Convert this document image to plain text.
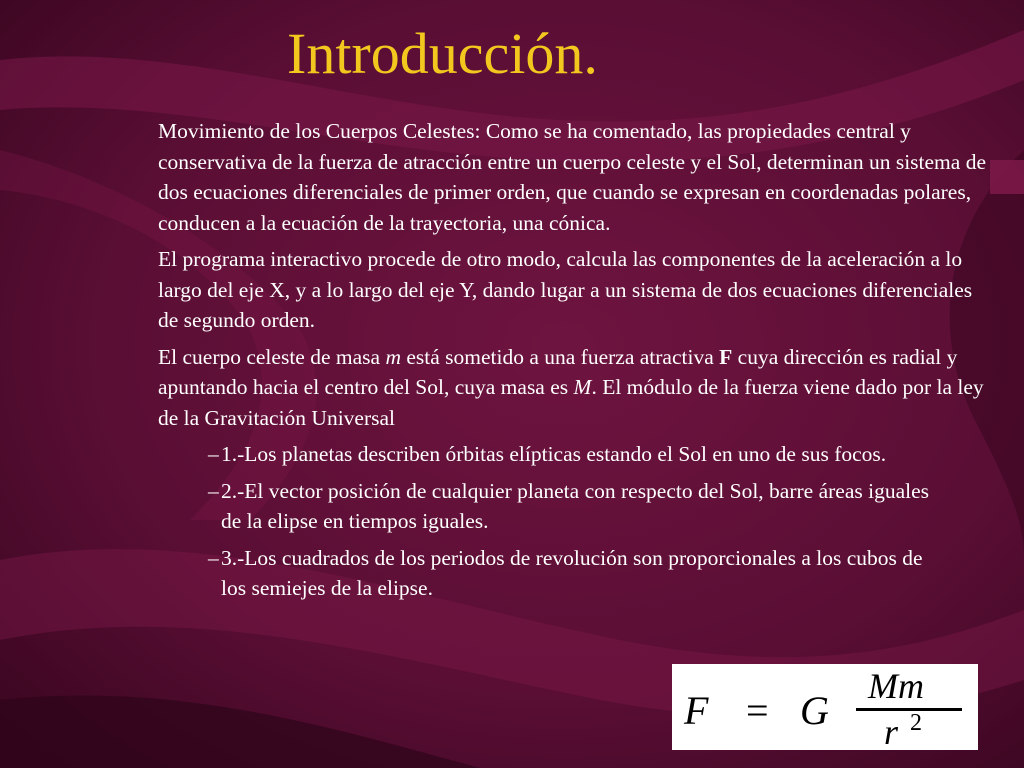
Introducción.

Movimiento de los Cuerpos Celestes: Como se ha comentado, las propiedades central y conservativa de la fuerza de atracción entre un cuerpo celeste y el Sol, determinan un sistema de dos ecuaciones diferenciales de primer orden, que cuando se expresan en coordenadas polares, conducen a la ecuación de la trayectoria, una cónica.

El programa interactivo procede de otro modo, calcula las componentes de la aceleración a lo largo del eje X, y a lo largo del eje Y, dando lugar a un sistema de dos ecuaciones diferenciales de segundo orden.

El cuerpo celeste de masa m está sometido a una fuerza atractiva F cuya dirección es radial y apuntando hacia el centro del Sol, cuya masa es M. El módulo de la fuerza viene dado por la ley de la Gravitación Universal

– 1.-Los planetas describen órbitas elípticas estando el Sol en uno de sus focos.
– 2.-El vector posición de cualquier planeta con respecto del Sol, barre áreas iguales de la elipse en tiempos iguales.
– 3.-Los cuadrados de los periodos de revolución son proporcionales a los cubos de los semiejes de la elipse.
F = G
Mm
r 2
